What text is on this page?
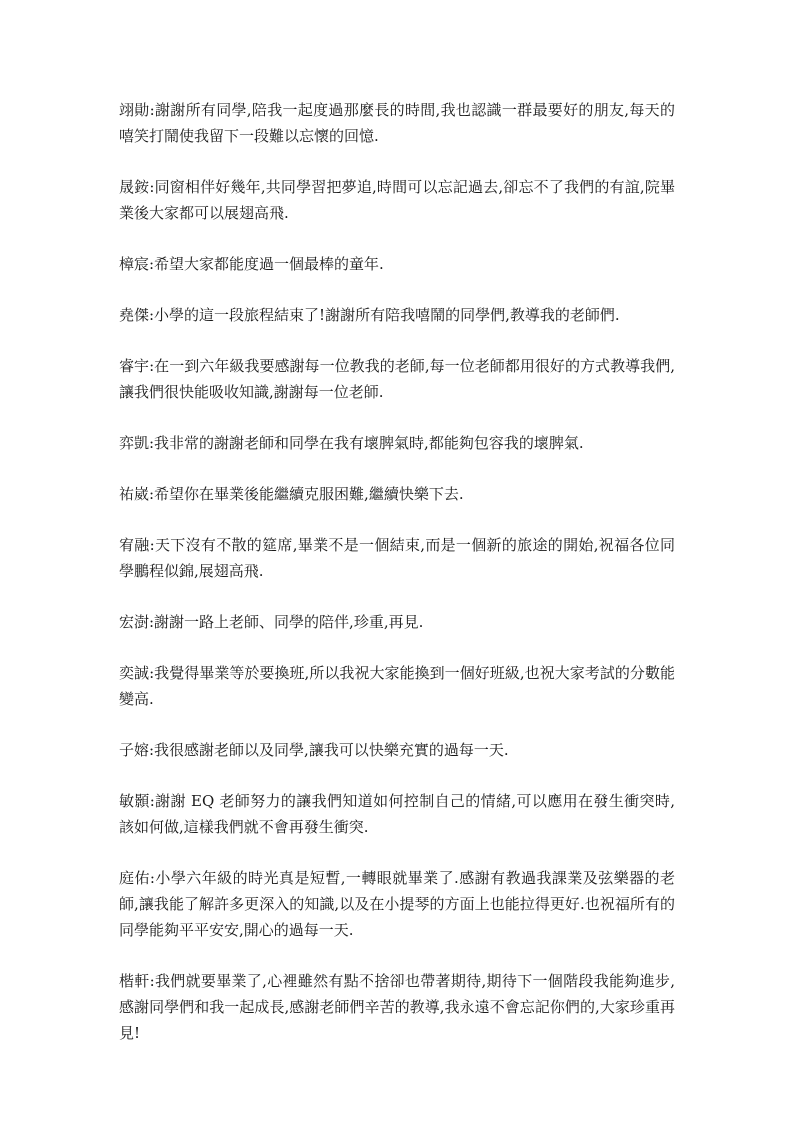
翊勛:謝謝所有同學,陪我一起度過那麼長的時間,我也認識一群最要好的朋友,每天的嘻笑打鬧使我留下一段難以忘懷的回憶.

晟銨:同窗相伴好幾年,共同學習把夢追,時間可以忘記過去,卻忘不了我們的有誼,院畢業後大家都可以展翅高飛.

樟宸:希望大家都能度過一個最棒的童年.

堯傑:小學的這一段旅程結束了!謝謝所有陪我嘻鬧的同學們,教導我的老師們.

睿宇:在一到六年級我要感謝每一位教我的老師,每一位老師都用很好的方式教導我們,讓我們很快能吸收知識,謝謝每一位老師.

弈凱:我非常的謝謝老師和同學在我有壞脾氣時,都能夠包容我的壞脾氣.

祐崴:希望你在畢業後能繼續克服困難,繼續快樂下去.

宥融:天下沒有不散的筵席,畢業不是一個結束,而是一個新的旅途的開始,祝福各位同學鵬程似錦,展翅高飛.

宏澍:謝謝一路上老師、同學的陪伴,珍重,再見.

奕誠:我覺得畢業等於要換班,所以我祝大家能換到一個好班級,也祝大家考試的分數能變高.

子嫆:我很感謝老師以及同學,讓我可以快樂充實的過每一天.

敏顥:謝謝 EQ 老師努力的讓我們知道如何控制自己的情緒,可以應用在發生衝突時,該如何做,這樣我們就不會再發生衝突.

庭佑:小學六年級的時光真是短暫,一轉眼就畢業了.感謝有教過我課業及弦樂器的老師,讓我能了解許多更深入的知識,以及在小提琴的方面上也能拉得更好.也祝福所有的同學能夠平平安安,開心的過每一天.

楷軒:我們就要畢業了,心裡雖然有點不捨卻也帶著期待,期待下一個階段我能夠進步,感謝同學們和我一起成長,感謝老師們辛苦的教導,我永遠不會忘記你們的,大家珍重再見!
